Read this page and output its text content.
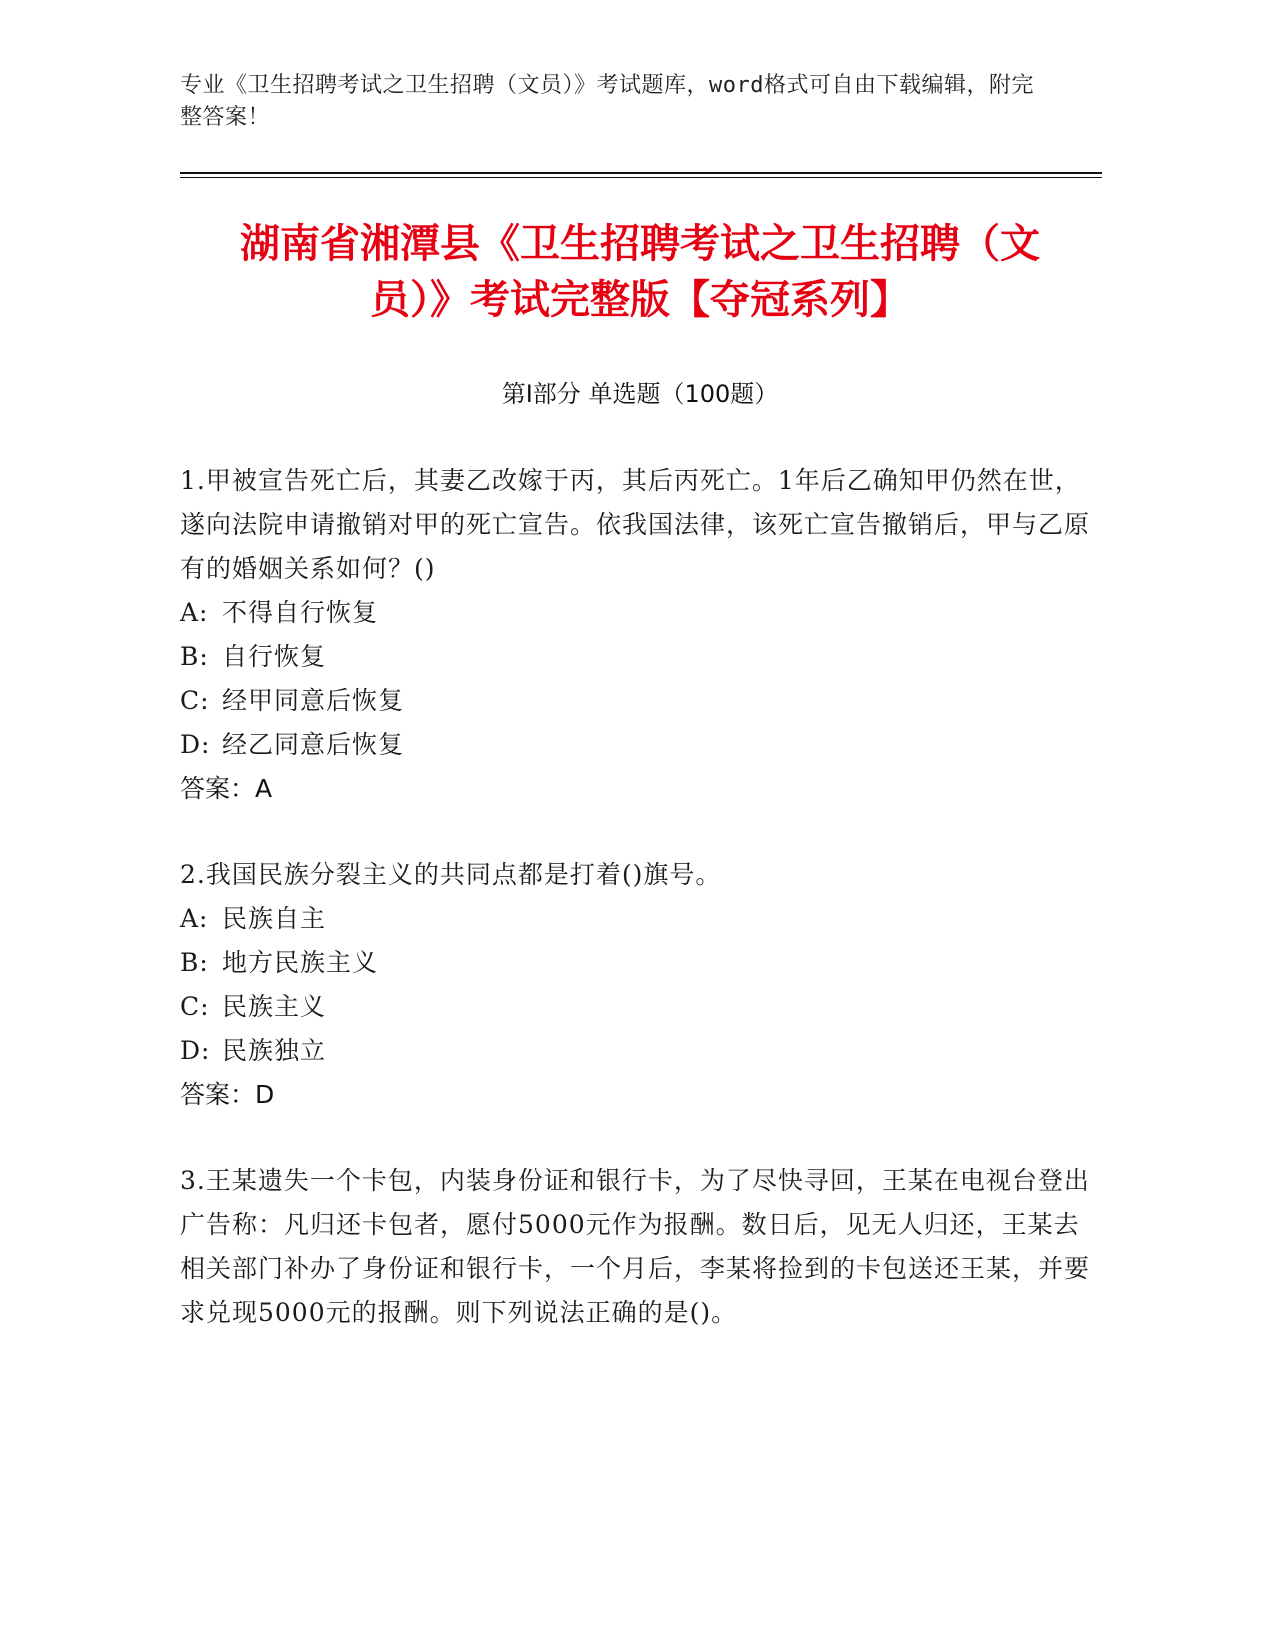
专业《卫生招聘考试之卫生招聘（文员）》考试题库，word格式可自由下载编辑，附完整答案！
湖南省湘潭县《卫生招聘考试之卫生招聘（文员）》考试完整版【夺冠系列】
第Ⅰ部分 单选题（100题）
1.甲被宣告死亡后，其妻乙改嫁于丙，其后丙死亡。1年后乙确知甲仍然在世，遂向法院申请撤销对甲的死亡宣告。依我国法律，该死亡宣告撤销后，甲与乙原有的婚姻关系如何？()
A: 不得自行恢复
B: 自行恢复
C: 经甲同意后恢复
D: 经乙同意后恢复
答案：A
2.我国民族分裂主义的共同点都是打着()旗号。
A: 民族自主
B: 地方民族主义
C: 民族主义
D: 民族独立
答案：D
3.王某遗失一个卡包，内装身份证和银行卡，为了尽快寻回，王某在电视台登出广告称：凡归还卡包者，愿付5000元作为报酬。数日后，见无人归还，王某去相关部门补办了身份证和银行卡，一个月后，李某将捡到的卡包送还王某，并要求兑现5000元的报酬。则下列说法正确的是()。
